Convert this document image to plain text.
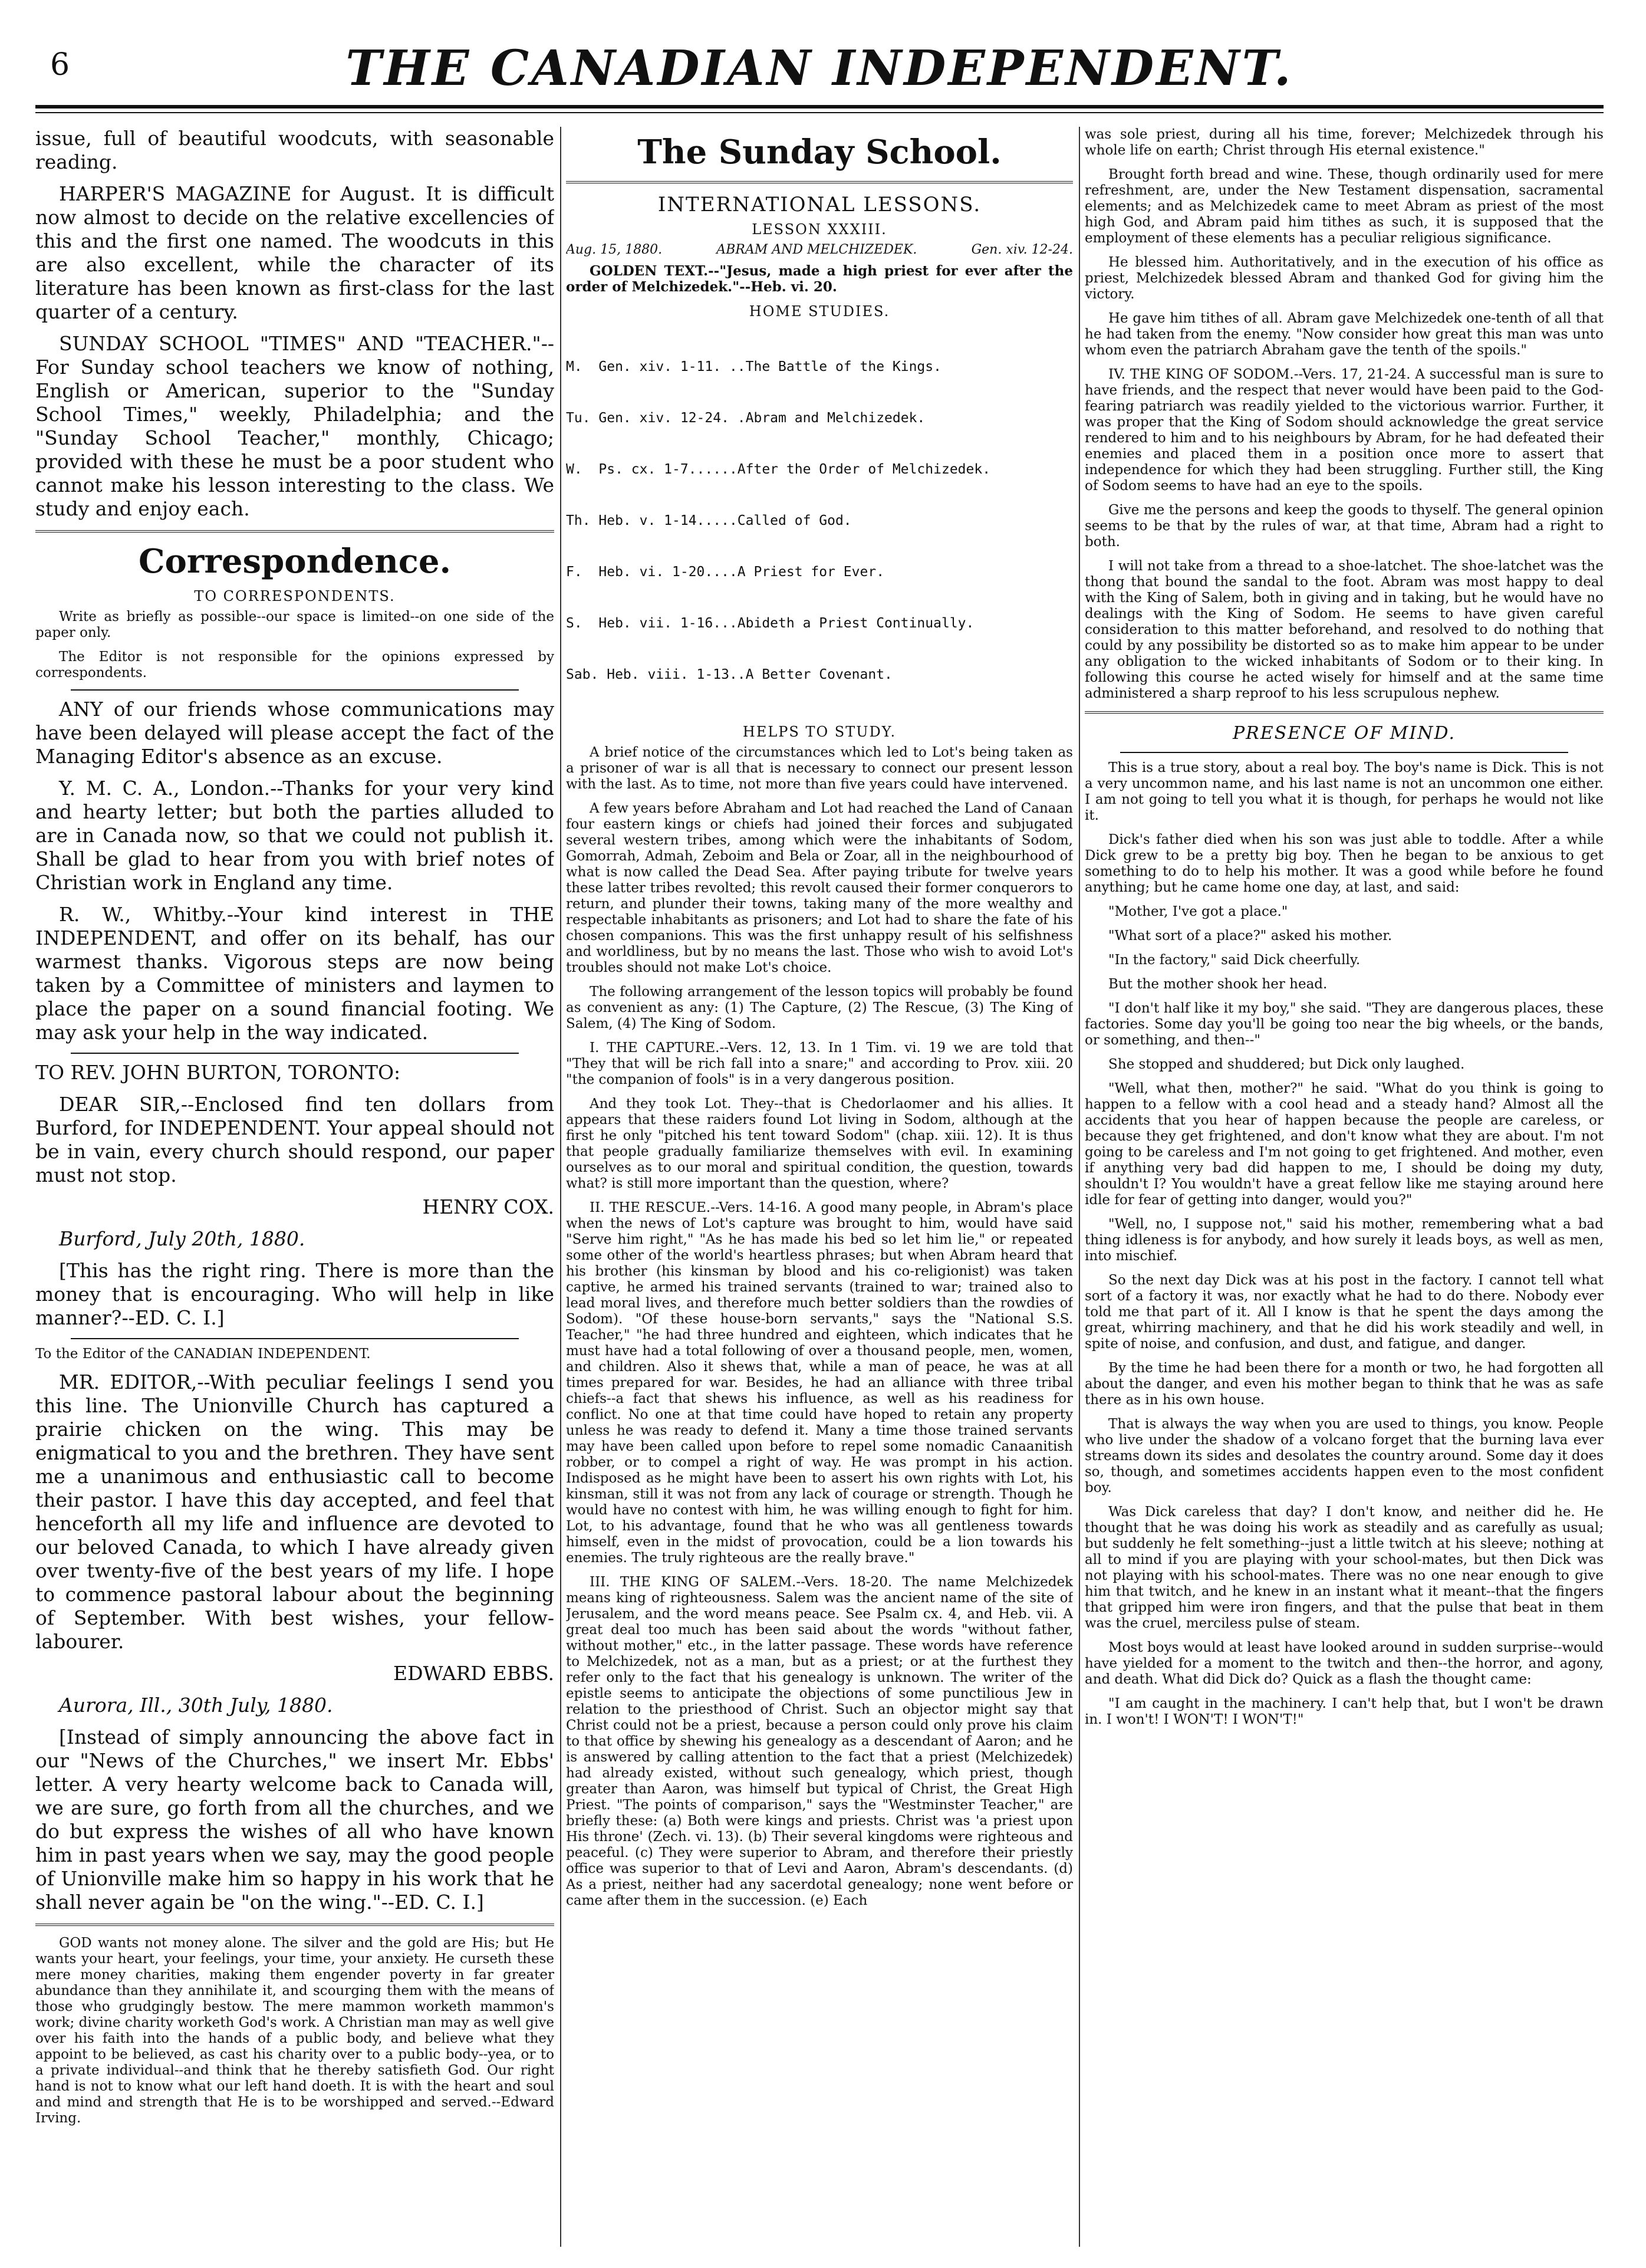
6	THE CANADIAN INDEPENDENT.

issue, full of beautiful woodcuts, with seasonable reading.

HARPER'S MAGAZINE for August. It is difficult now almost to decide on the relative excellencies of this and the first one named. The woodcuts in this are also excellent, while the character of its literature has been known as first-class for the last quarter of a century.

SUNDAY SCHOOL "TIMES" AND "TEACHER."--For Sunday school teachers we know of nothing, English or American, superior to the "Sunday School Times," weekly, Philadelphia; and the "Sunday School Teacher," monthly, Chicago; provided with these he must be a poor student who cannot make his lesson interesting to the class. We study and enjoy each.

Correspondence.
TO CORRESPONDENTS.

Write as briefly as possible--our space is limited--on one side of the paper only.

The Editor is not responsible for the opinions expressed by correspondents.

ANY of our friends whose communications may have been delayed will please accept the fact of the Managing Editor's absence as an excuse.

Y. M. C. A., London.--Thanks for your very kind and hearty letter; but both the parties alluded to are in Canada now, so that we could not publish it. Shall be glad to hear from you with brief notes of Christian work in England any time.

R. W., Whitby.--Your kind interest in THE INDEPENDENT, and offer on its behalf, has our warmest thanks. Vigorous steps are now being taken by a Committee of ministers and laymen to place the paper on a sound financial footing. We may ask your help in the way indicated.

TO REV. JOHN BURTON, TORONTO:

DEAR SIR,--Enclosed find ten dollars from Burford, for INDEPENDENT. Your appeal should not be in vain, every church should respond, our paper must not stop.

HENRY COX.

Burford, July 20th, 1880.

[This has the right ring. There is more than the money that is encouraging. Who will help in like manner?--ED. C. I.]

To the Editor of the CANADIAN INDEPENDENT.

MR. EDITOR,--With peculiar feelings I send you this line. The Unionville Church has captured a prairie chicken on the wing. This may be enigmatical to you and the brethren. They have sent me a unanimous and enthusiastic call to become their pastor. I have this day accepted, and feel that henceforth all my life and influence are devoted to our beloved Canada, to which I have already given over twenty-five of the best years of my life. I hope to commence pastoral labour about the beginning of September. With best wishes, your fellow-labourer.

EDWARD EBBS.

Aurora, Ill., 30th July, 1880.

[Instead of simply announcing the above fact in our "News of the Churches," we insert Mr. Ebbs' letter. A very hearty welcome back to Canada will, we are sure, go forth from all the churches, and we do but express the wishes of all who have known him in past years when we say, may the good people of Unionville make him so happy in his work that he shall never again be "on the wing."--ED. C. I.]

GOD wants not money alone. The silver and the gold are His; but He wants your heart, your feelings, your time, your anxiety. He curseth these mere money charities, making them engender poverty in far greater abundance than they annihilate it, and scourging them with the means of those who grudgingly bestow. The mere mammon worketh mammon's work; divine charity worketh God's work. A Christian man may as well give over his faith into the hands of a public body, and believe what they appoint to be believed, as cast his charity over to a public body--yea, or to a private individual--and think that he thereby satisfieth God. Our right hand is not to know what our left hand doeth. It is with the heart and soul and mind and strength that He is to be worshipped and served.--Edward Irving.

The Sunday School.
INTERNATIONAL LESSONS.
LESSON XXXIII.
Aug. 15, 1880.	ABRAM AND MELCHIZEDEK.	Gen. xiv. 12-24.

GOLDEN TEXT.--"Jesus, made a high priest for ever after the order of Melchizedek."--Heb. vi. 20.

HOME STUDIES.

M.  Gen. xiv. 1-11. ..The Battle of the Kings.

Tu. Gen. xiv. 12-24. .Abram and Melchizedek.

W.  Ps. cx. 1-7......After the Order of Melchizedek.

Th. Heb. v. 1-14.....Called of God.

F.  Heb. vi. 1-20....A Priest for Ever.

S.  Heb. vii. 1-16...Abideth a Priest Continually.

Sab. Heb. viii. 1-13..A Better Covenant.

HELPS TO STUDY.

A brief notice of the circumstances which led to Lot's being taken as a prisoner of war is all that is necessary to connect our present lesson with the last. As to time, not more than five years could have intervened.

A few years before Abraham and Lot had reached the Land of Canaan four eastern kings or chiefs had joined their forces and subjugated several western tribes, among which were the inhabitants of Sodom, Gomorrah, Admah, Zeboim and Bela or Zoar, all in the neighbourhood of what is now called the Dead Sea. After paying tribute for twelve years these latter tribes revolted; this revolt caused their former conquerors to return, and plunder their towns, taking many of the more wealthy and respectable inhabitants as prisoners; and Lot had to share the fate of his chosen companions. This was the first unhappy result of his selfishness and worldliness, but by no means the last. Those who wish to avoid Lot's troubles should not make Lot's choice.

The following arrangement of the lesson topics will probably be found as convenient as any: (1) The Capture, (2) The Rescue, (3) The King of Salem, (4) The King of Sodom.

I. THE CAPTURE.--Vers. 12, 13. In 1 Tim. vi. 19 we are told that "They that will be rich fall into a snare;" and according to Prov. xiii. 20 "the companion of fools" is in a very dangerous position.

And they took Lot. They--that is Chedorlaomer and his allies. It appears that these raiders found Lot living in Sodom, although at the first he only "pitched his tent toward Sodom" (chap. xiii. 12). It is thus that people gradually familiarize themselves with evil. In examining ourselves as to our moral and spiritual condition, the question, towards what? is still more important than the question, where?

II. THE RESCUE.--Vers. 14-16. A good many people, in Abram's place when the news of Lot's capture was brought to him, would have said "Serve him right," "As he has made his bed so let him lie," or repeated some other of the world's heartless phrases; but when Abram heard that his brother (his kinsman by blood and his co-religionist) was taken captive, he armed his trained servants (trained to war; trained also to lead moral lives, and therefore much better soldiers than the rowdies of Sodom). "Of these house-born servants," says the "National S.S. Teacher," "he had three hundred and eighteen, which indicates that he must have had a total following of over a thousand people, men, women, and children. Also it shews that, while a man of peace, he was at all times prepared for war. Besides, he had an alliance with three tribal chiefs--a fact that shews his influence, as well as his readiness for conflict. No one at that time could have hoped to retain any property unless he was ready to defend it. Many a time those trained servants may have been called upon before to repel some nomadic Canaanitish robber, or to compel a right of way. He was prompt in his action. Indisposed as he might have been to assert his own rights with Lot, his kinsman, still it was not from any lack of courage or strength. Though he would have no contest with him, he was willing enough to fight for him. Lot, to his advantage, found that he who was all gentleness towards himself, even in the midst of provocation, could be a lion towards his enemies. The truly righteous are the really brave."

III. THE KING OF SALEM.--Vers. 18-20. The name Melchizedek means king of righteousness. Salem was the ancient name of the site of Jerusalem, and the word means peace. See Psalm cx. 4, and Heb. vii. A great deal too much has been said about the words "without father, without mother," etc., in the latter passage. These words have reference to Melchizedek, not as a man, but as a priest; or at the furthest they refer only to the fact that his genealogy is unknown. The writer of the epistle seems to anticipate the objections of some punctilious Jew in relation to the priesthood of Christ. Such an objector might say that Christ could not be a priest, because a person could only prove his claim to that office by shewing his genealogy as a descendant of Aaron; and he is answered by calling attention to the fact that a priest (Melchizedek) had already existed, without such genealogy, which priest, though greater than Aaron, was himself but typical of Christ, the Great High Priest. "The points of comparison," says the "Westminster Teacher," are briefly these: (a) Both were kings and priests. Christ was 'a priest upon His throne' (Zech. vi. 13). (b) Their several kingdoms were righteous and peaceful. (c) They were superior to Abram, and therefore their priestly office was superior to that of Levi and Aaron, Abram's descendants. (d) As a priest, neither had any sacerdotal genealogy; none went before or came after them in the succession. (e) Each

was sole priest, during all his time, forever; Melchizedek through his whole life on earth; Christ through His eternal existence."

Brought forth bread and wine. These, though ordinarily used for mere refreshment, are, under the New Testament dispensation, sacramental elements; and as Melchizedek came to meet Abram as priest of the most high God, and Abram paid him tithes as such, it is supposed that the employment of these elements has a peculiar religious significance.

He blessed him. Authoritatively, and in the execution of his office as priest, Melchizedek blessed Abram and thanked God for giving him the victory.

He gave him tithes of all. Abram gave Melchizedek one-tenth of all that he had taken from the enemy. "Now consider how great this man was unto whom even the patriarch Abraham gave the tenth of the spoils."

IV. THE KING OF SODOM.--Vers. 17, 21-24. A successful man is sure to have friends, and the respect that never would have been paid to the God-fearing patriarch was readily yielded to the victorious warrior. Further, it was proper that the King of Sodom should acknowledge the great service rendered to him and to his neighbours by Abram, for he had defeated their enemies and placed them in a position once more to assert that independence for which they had been struggling. Further still, the King of Sodom seems to have had an eye to the spoils.

Give me the persons and keep the goods to thyself. The general opinion seems to be that by the rules of war, at that time, Abram had a right to both.

I will not take from a thread to a shoe-latchet. The shoe-latchet was the thong that bound the sandal to the foot. Abram was most happy to deal with the King of Salem, both in giving and in taking, but he would have no dealings with the King of Sodom. He seems to have given careful consideration to this matter beforehand, and resolved to do nothing that could by any possibility be distorted so as to make him appear to be under any obligation to the wicked inhabitants of Sodom or to their king. In following this course he acted wisely for himself and at the same time administered a sharp reproof to his less scrupulous nephew.

PRESENCE OF MIND.

This is a true story, about a real boy. The boy's name is Dick. This is not a very uncommon name, and his last name is not an uncommon one either. I am not going to tell you what it is though, for perhaps he would not like it.

Dick's father died when his son was just able to toddle. After a while Dick grew to be a pretty big boy. Then he began to be anxious to get something to do to help his mother. It was a good while before he found anything; but he came home one day, at last, and said:

"Mother, I've got a place."

"What sort of a place?" asked his mother.

"In the factory," said Dick cheerfully.

But the mother shook her head.

"I don't half like it my boy," she said. "They are dangerous places, these factories. Some day you'll be going too near the big wheels, or the bands, or something, and then--"

She stopped and shuddered; but Dick only laughed.

"Well, what then, mother?" he said. "What do you think is going to happen to a fellow with a cool head and a steady hand? Almost all the accidents that you hear of happen because the people are careless, or because they get frightened, and don't know what they are about. I'm not going to be careless and I'm not going to get frightened. And mother, even if anything very bad did happen to me, I should be doing my duty, shouldn't I? You wouldn't have a great fellow like me staying around here idle for fear of getting into danger, would you?"

"Well, no, I suppose not," said his mother, remembering what a bad thing idleness is for anybody, and how surely it leads boys, as well as men, into mischief.

So the next day Dick was at his post in the factory. I cannot tell what sort of a factory it was, nor exactly what he had to do there. Nobody ever told me that part of it. All I know is that he spent the days among the great, whirring machinery, and that he did his work steadily and well, in spite of noise, and confusion, and dust, and fatigue, and danger.

By the time he had been there for a month or two, he had forgotten all about the danger, and even his mother began to think that he was as safe there as in his own house.

That is always the way when you are used to things, you know. People who live under the shadow of a volcano forget that the burning lava ever streams down its sides and desolates the country around. Some day it does so, though, and sometimes accidents happen even to the most confident boy.

Was Dick careless that day? I don't know, and neither did he. He thought that he was doing his work as steadily and as carefully as usual; but suddenly he felt something--just a little twitch at his sleeve; nothing at all to mind if you are playing with your school-mates, but then Dick was not playing with his school-mates. There was no one near enough to give him that twitch, and he knew in an instant what it meant--that the fingers that gripped him were iron fingers, and that the pulse that beat in them was the cruel, merciless pulse of steam.

Most boys would at least have looked around in sudden surprise--would have yielded for a moment to the twitch and then--the horror, and agony, and death. What did Dick do? Quick as a flash the thought came:

"I am caught in the machinery. I can't help that, but I won't be drawn in. I won't! I WON'T! I WON'T!"
